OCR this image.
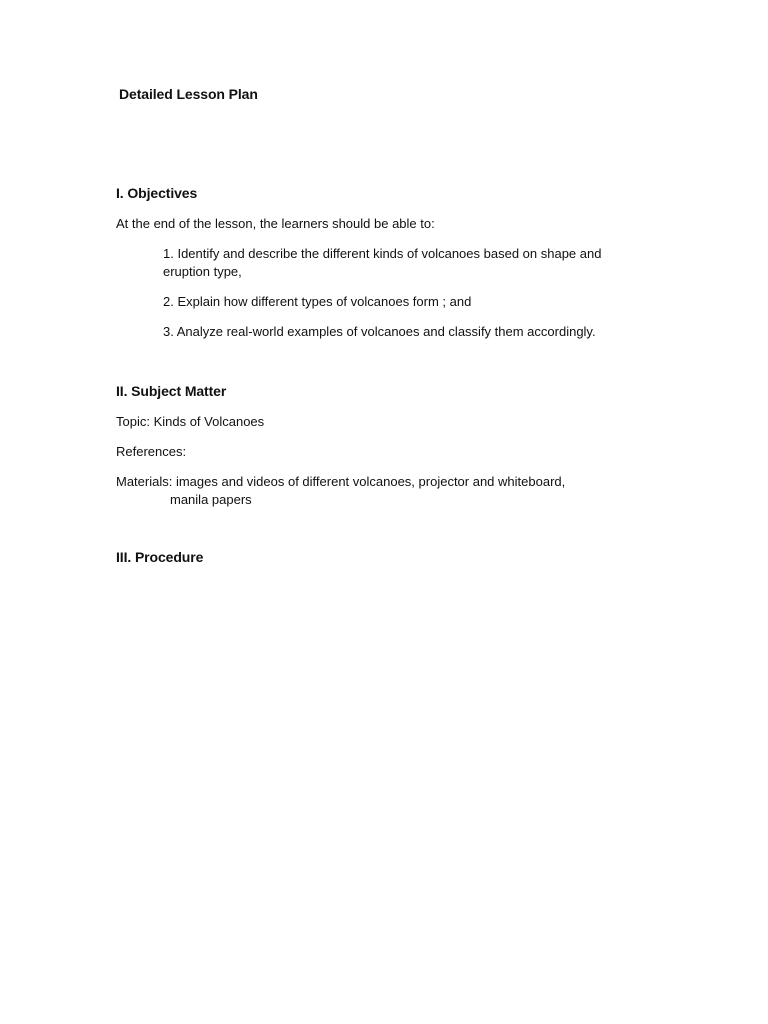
Detailed Lesson Plan
I. Objectives

At the end of the lesson, the learners should be able to:

1. Identify and describe the different kinds of volcanoes based on shape and
eruption type,

2. Explain how different types of volcanoes form ; and

3. Analyze real-world examples of volcanoes and classify them accordingly.

II. Subject Matter

Topic: Kinds of Volcanoes

References:

Materials: images and videos of different volcanoes, projector and whiteboard,

manila papers

III. Procedure
